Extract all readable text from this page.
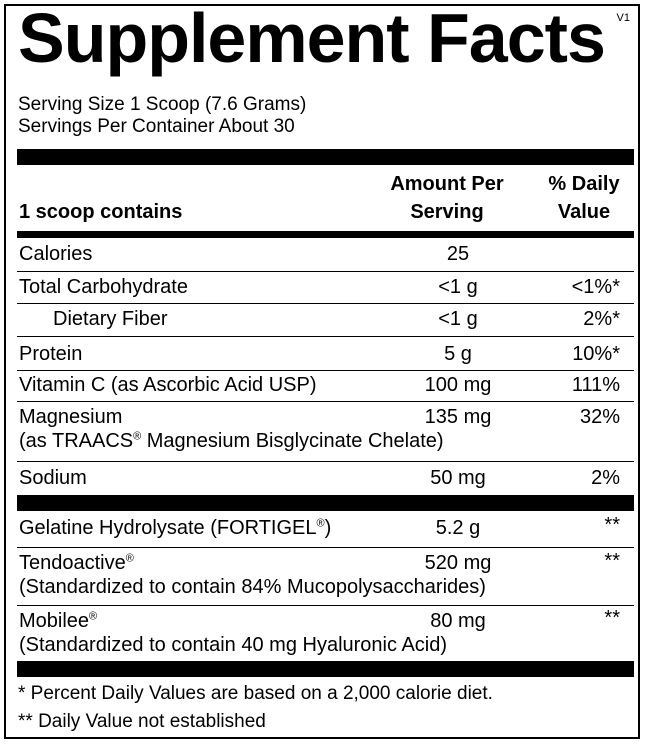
V1
Supplement Facts
Serving Size 1 Scoop (7.6 Grams)
Servings Per Container About 30
1 scoop contains
Amount Per
Serving
% Daily
Value
Calories	25
Total Carbohydrate	<1 g	<1%*
Dietary Fiber	<1 g	2%*
Protein	5 g	10%*
Vitamin C (as Ascorbic Acid USP)	100 mg	111%
Magnesium
(as TRAACS® Magnesium Bisglycinate Chelate)
135 mg	32%
Sodium	50 mg	2%
Gelatine Hydrolysate (FORTIGEL®)	5.2 g	**
Tendoactive®
(Standardized to contain 84% Mucopolysaccharides)
520 mg	**
Mobilee®
(Standardized to contain 40 mg Hyaluronic Acid)
80 mg	**
* Percent Daily Values are based on a 2,000 calorie diet.
** Daily Value not established
